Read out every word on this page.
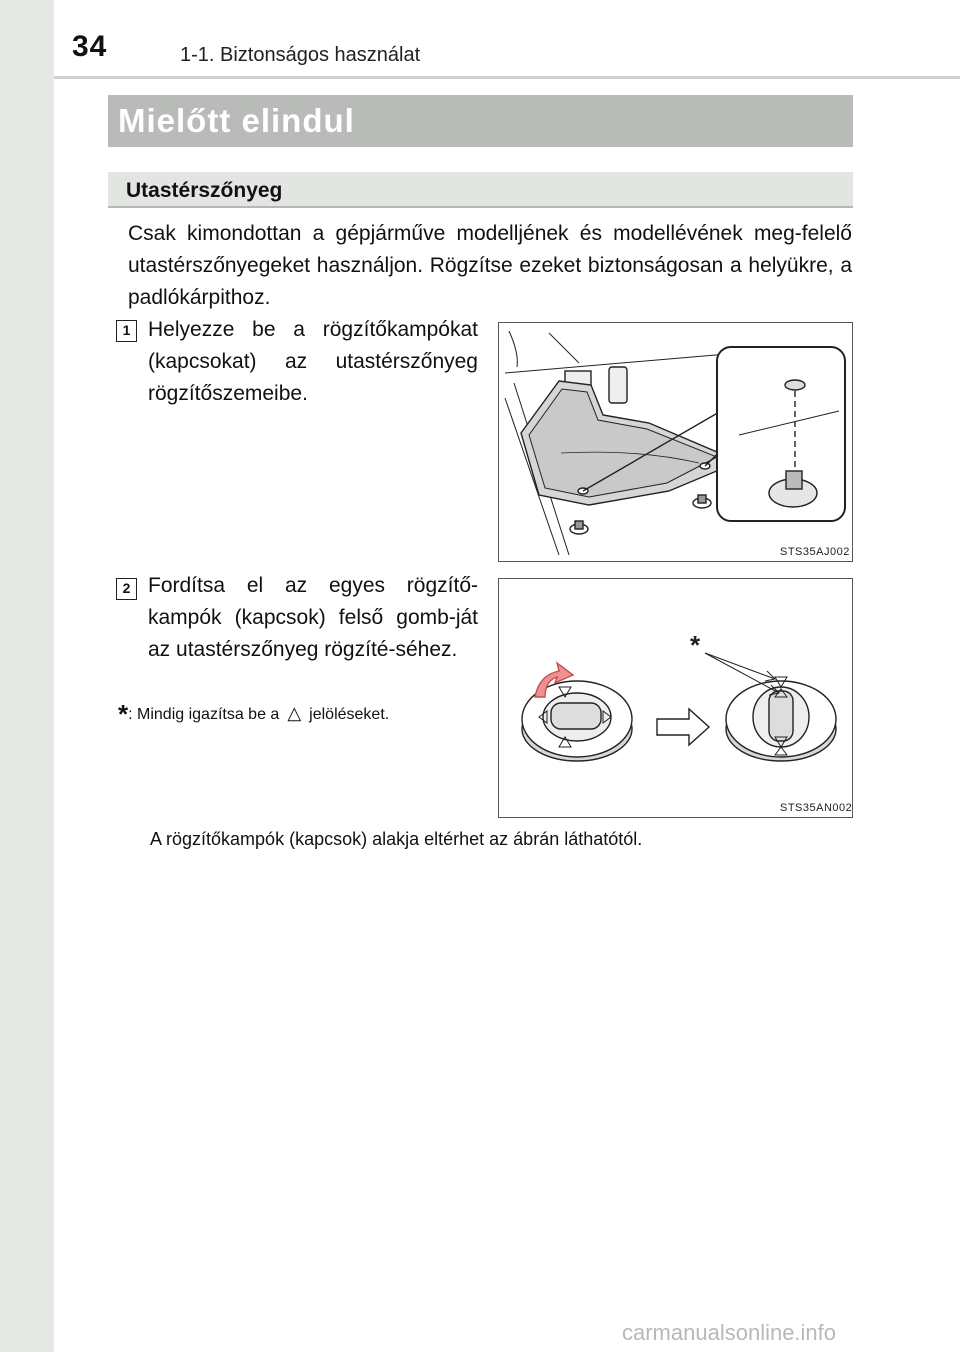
34	1-1. Biztonságos használat
Mielőtt elindul
Utastérszőnyeg

Csak kimondottan a gépjárműve modelljének és modellévének meg-felelő utastérszőnyegeket használjon. Rögzítse ezeket biztonságosan a helyükre, a padlókárpithoz.

1 Helyezze be a rögzítőkampókat (kapcsokat) az utastérszőnyeg rögzítőszemeibe.

STS35AJ002
2 Fordítsa el az egyes rögzítő-kampók (kapcsok) felső gomb-ját az utastérszőnyeg rögzíté-séhez.

*: Mindig igazítsa be a △ jelöléseket.

*
STS35AN002

A rögzítőkampók (kapcsok) alakja eltérhet az ábrán láthatótól.

carmanualsonline.info
